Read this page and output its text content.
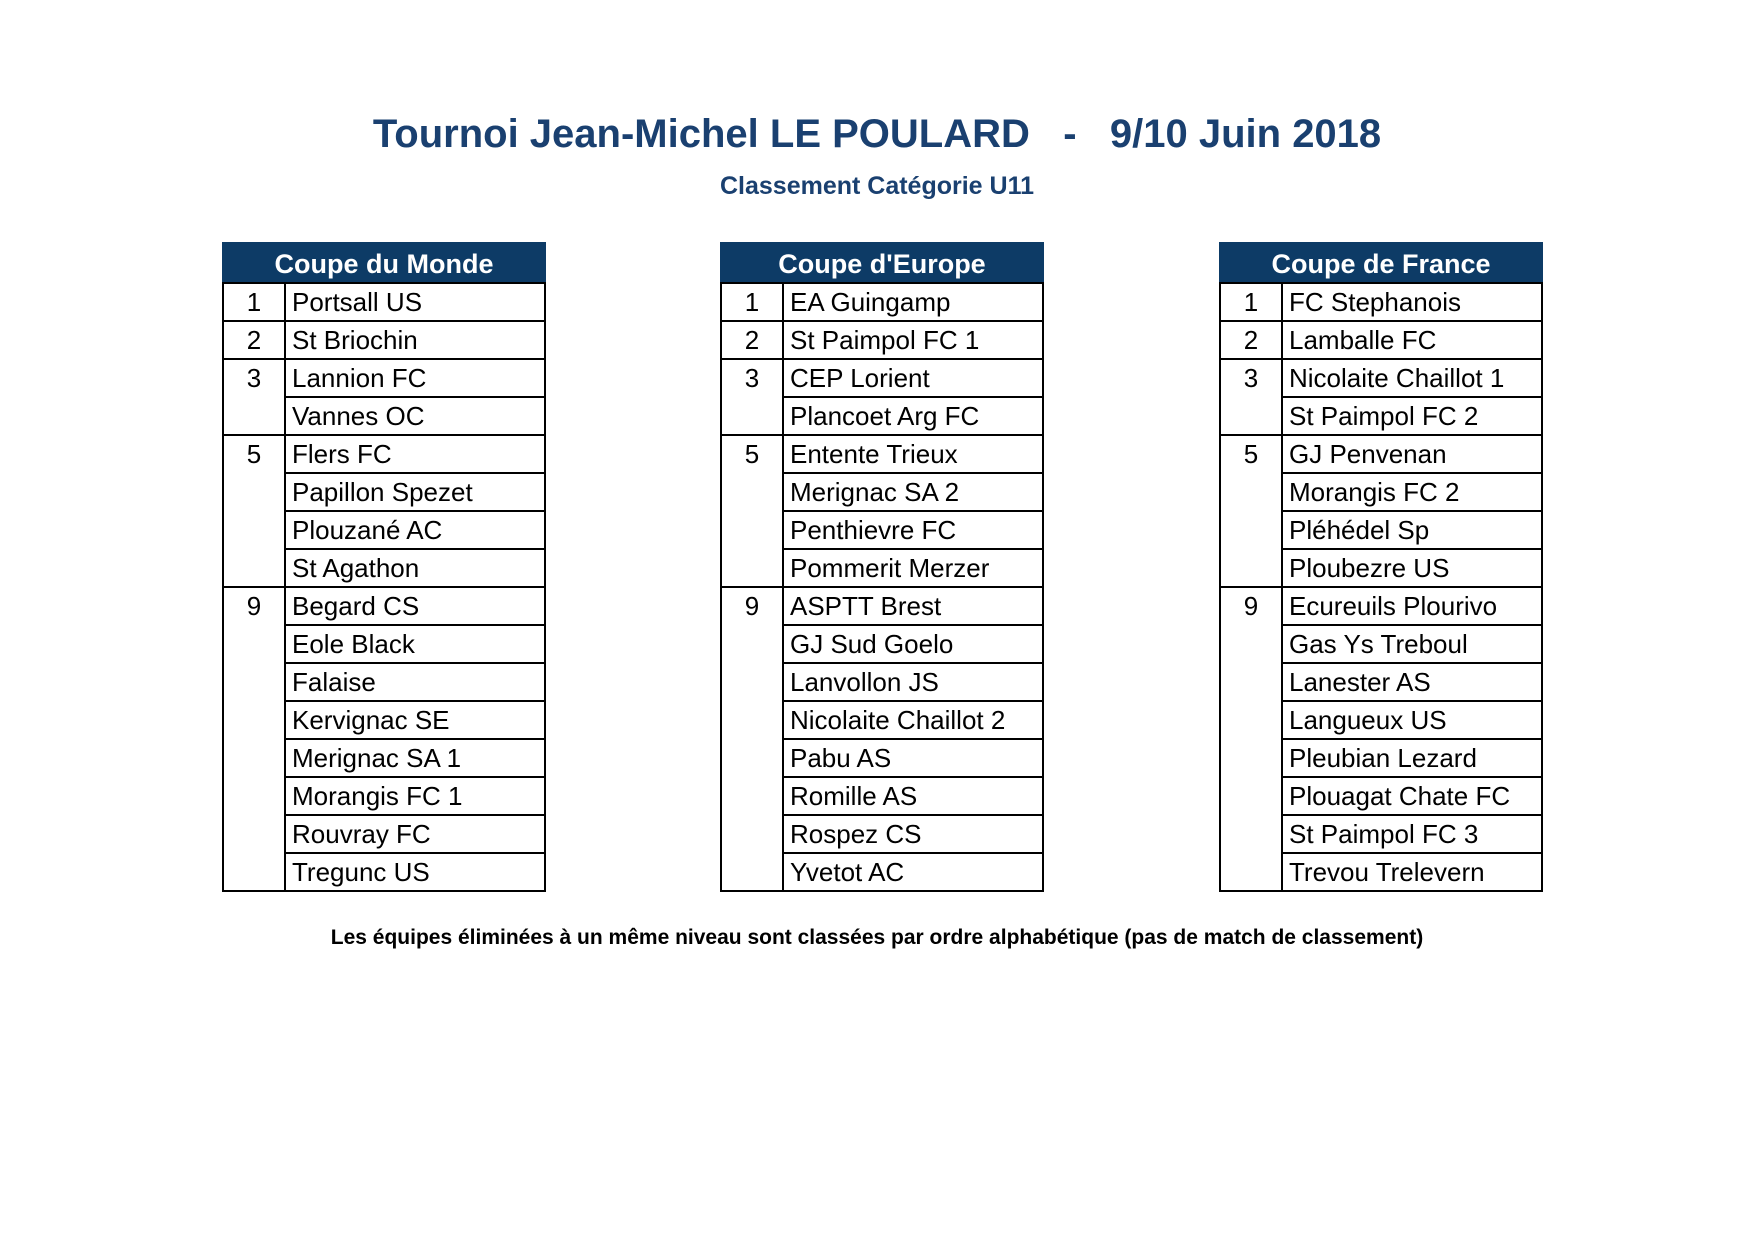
Tournoi Jean-Michel LE POULARD   -   9/10 Juin 2018
Classement Catégorie U11
Coupe du Monde
1	Portsall US
2	St Briochin
3	Lannion FC
	Vannes OC
5	Flers FC
	Papillon Spezet
	Plouzané AC
	St Agathon
9	Begard CS
	Eole Black
	Falaise
	Kervignac SE
	Merignac SA 1
	Morangis FC 1
	Rouvray FC
	Tregunc US
Coupe d'Europe
1	EA Guingamp
2	St Paimpol FC 1
3	CEP Lorient
	Plancoet Arg FC
5	Entente Trieux
	Merignac SA 2
	Penthievre FC
	Pommerit Merzer
9	ASPTT Brest
	GJ Sud Goelo
	Lanvollon JS
	Nicolaite Chaillot 2
	Pabu AS
	Romille AS
	Rospez CS
	Yvetot AC
Coupe de France
1	FC Stephanois
2	Lamballe FC
3	Nicolaite Chaillot 1
	St Paimpol FC 2
5	GJ Penvenan
	Morangis FC 2
	Pléhédel Sp
	Ploubezre US
9	Ecureuils Plourivo
	Gas Ys Treboul
	Lanester AS
	Langueux US
	Pleubian Lezard
	Plouagat Chate FC
	St Paimpol FC 3
	Trevou Trelevern
Les équipes éliminées à un même niveau sont classées par ordre alphabétique (pas de match de classement)
